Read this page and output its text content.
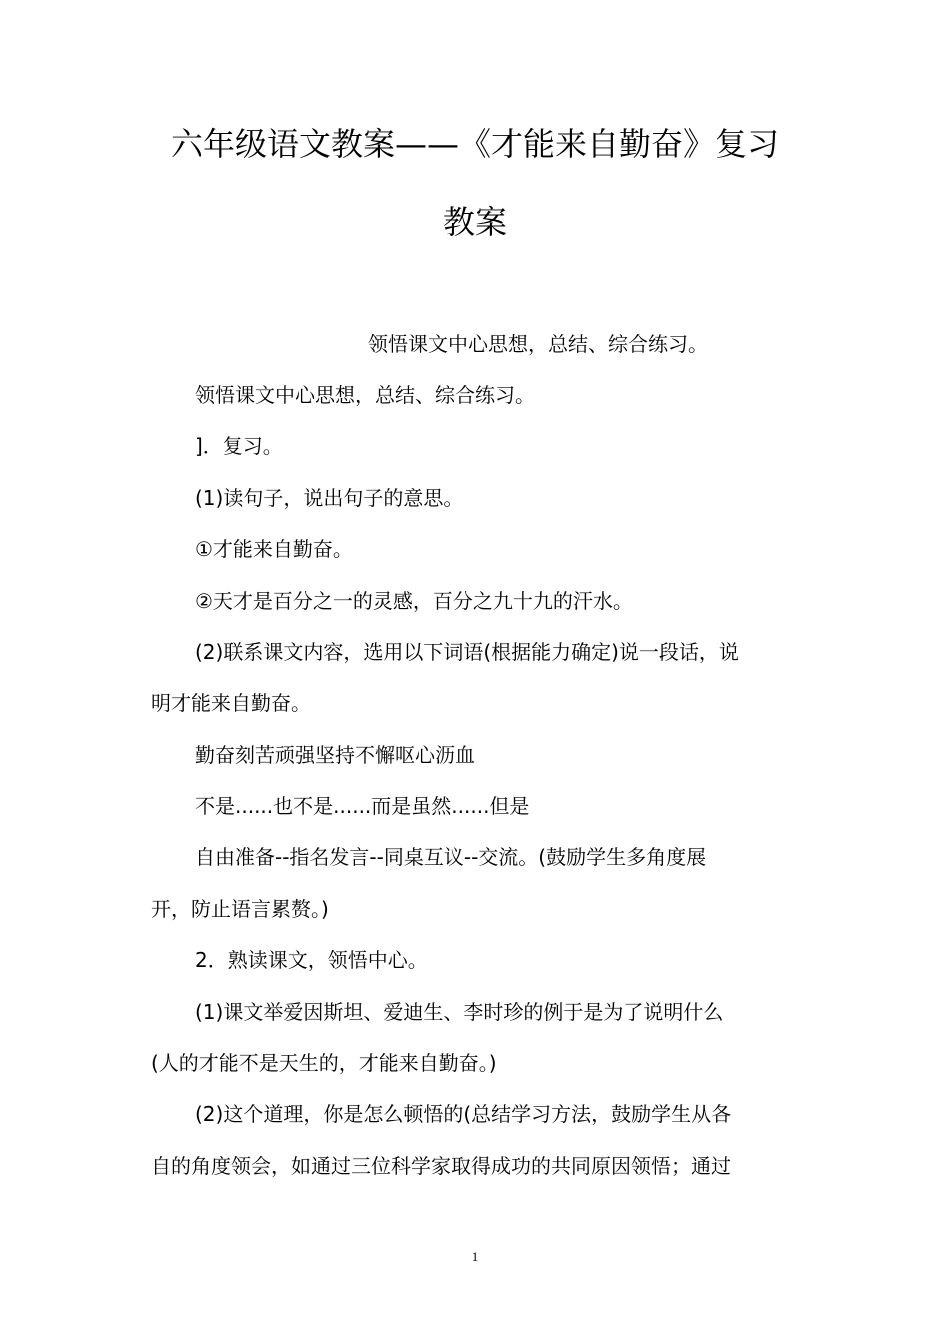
六年级语文教案——《才能来自勤奋》复习
教案
领悟课文中心思想，总结、综合练习。
领悟课文中心思想，总结、综合练习。
]．复习。
(1)读句子，说出句子的意思。
①才能来自勤奋。
②天才是百分之一的灵感，百分之九十九的汗水。
(2)联系课文内容，选用以下词语(根据能力确定)说一段话，说
明才能来自勤奋。
勤奋刻苦顽强坚持不懈呕心沥血
不是......也不是......而是虽然......但是
自由准备--指名发言--同桌互议--交流。(鼓励学生多角度展
开，防止语言累赘。)
2．熟读课文，领悟中心。
(1)课文举爱因斯坦、爱迪生、李时珍的例于是为了说明什么
(人的才能不是天生的，才能来自勤奋。)
(2)这个道理，你是怎么顿悟的(总结学习方法，鼓励学生从各
自的角度领会，如通过三位科学家取得成功的共同原因领悟；通过
1
